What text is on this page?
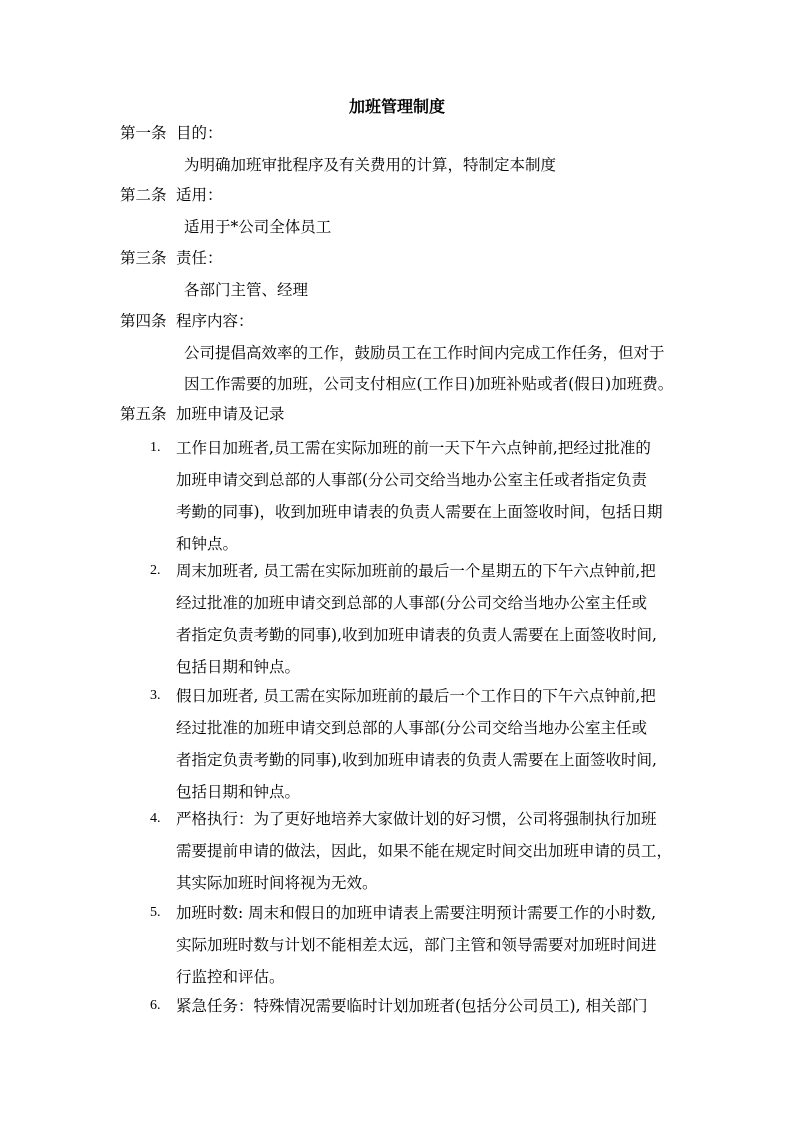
加班管理制度
第一条 目的：
为明确加班审批程序及有关费用的计算，特制定本制度
第二条 适用：
适用于*公司全体员工
第三条 责任：
各部门主管、经理
第四条 程序内容：
公司提倡高效率的工作，鼓励员工在工作时间内完成工作任务，但对于
因工作需要的加班，公司支付相应(工作日)加班补贴或者(假日)加班费。
第五条 加班申请及记录
1.	工作日加班者,员工需在实际加班的前一天下午六点钟前,把经过批准的
加班申请交到总部的人事部(分公司交给当地办公室主任或者指定负责
考勤的同事)，收到加班申请表的负责人需要在上面签收时间，包括日期
和钟点。
2.	周末加班者, 员工需在实际加班前的最后一个星期五的下午六点钟前,把
经过批准的加班申请交到总部的人事部(分公司交给当地办公室主任或
者指定负责考勤的同事),收到加班申请表的负责人需要在上面签收时间,
包括日期和钟点。
3.	假日加班者, 员工需在实际加班前的最后一个工作日的下午六点钟前,把
经过批准的加班申请交到总部的人事部(分公司交给当地办公室主任或
者指定负责考勤的同事),收到加班申请表的负责人需要在上面签收时间,
包括日期和钟点。
4.	严格执行：为了更好地培养大家做计划的好习惯，公司将强制执行加班
需要提前申请的做法，因此，如果不能在规定时间交出加班申请的员工，
其实际加班时间将视为无效。
5.	加班时数: 周末和假日的加班申请表上需要注明预计需要工作的小时数,
实际加班时数与计划不能相差太远，部门主管和领导需要对加班时间进
行监控和评估。
6.	紧急任务：特殊情况需要临时计划加班者(包括分公司员工), 相关部门
